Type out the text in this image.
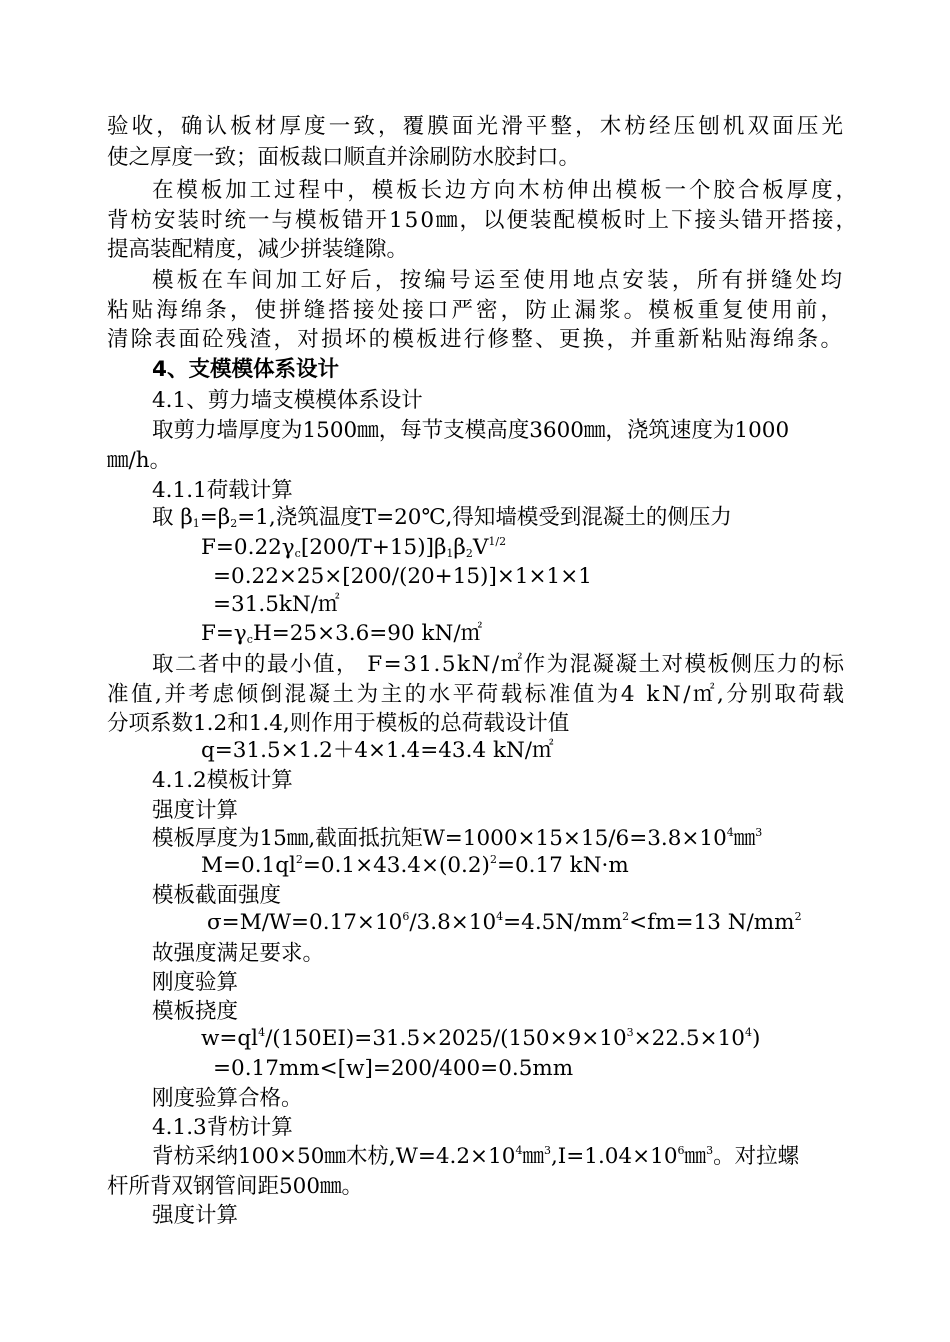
验收，确认板材厚度一致，覆膜面光滑平整，木枋经压刨机双面压光
使之厚度一致；面板裁口顺直并涂刷防水胶封口。
在模板加工过程中，模板长边方向木枋伸出模板一个胶合板厚度，
背枋安装时统一与模板错开150㎜，以便装配模板时上下接头错开搭接，
提高装配精度，减少拼装缝隙。
模板在车间加工好后，按编号运至使用地点安装，所有拼缝处均
粘贴海绵条，使拼缝搭接处接口严密，防止漏浆。模板重复使用前，
清除表面砼残渣，对损坏的模板进行修整、更换，并重新粘贴海绵条。
4、支模模体系设计
4.1、剪力墙支模模体系设计
取剪力墙厚度为1500㎜，每节支模高度3600㎜，浇筑速度为1000
㎜/h。
4.1.1荷载计算
取 $\beta_1=\beta_2=1$,浇筑温度T=20℃,得知墙模受到混凝土的侧压力
$F=0.22\gamma_c[200/T+15)]\beta_1\beta_2V^{1/2}$
=0.22×25×[200/(20+15)]×1×1×1
=31.5kN/㎡
$F=\gamma_cH=25\times 3.6=90$ kN/㎡
取二者中的最小值， F=31.5kN/㎡作为混凝凝土对模板侧压力的标
准值,并考虑倾倒混凝土为主的水平荷载标准值为4 kN/㎡,分别取荷载
分项系数1.2和1.4,则作用于模板的总荷载设计值
q=31.5×1.2＋4×1.4=43.4 kN/㎡
4.1.2模板计算
强度计算
模板厚度为15㎜,截面抵抗矩$W=1000\times 15\times 15/6=3.8\times 10^4㎜^3$
$M=0.1ql^2=0.1\times 43.4\times(0.2)^2=0.17$ kN·m
模板截面强度
$\sigma=M/W=0.17\times 10^6/3.8\times 10^4=4.5N/mm^2<fm=13$ $N/mm^2$
故强度满足要求。
刚度验算
模板挠度
$w=ql^4/(150EI)=31.5\times 2025/(150\times 9\times 10^3\times 22.5\times 10^4)$
=0.17mm<[w]=200/400=0.5mm
刚度验算合格。
4.1.3背枋计算
背枋采纳100×50㎜木枋$,W=4.2\times 10^4㎜^3,I=1.04\times 10^6㎜^3$。对拉螺
杆所背双钢管间距500㎜。
强度计算
